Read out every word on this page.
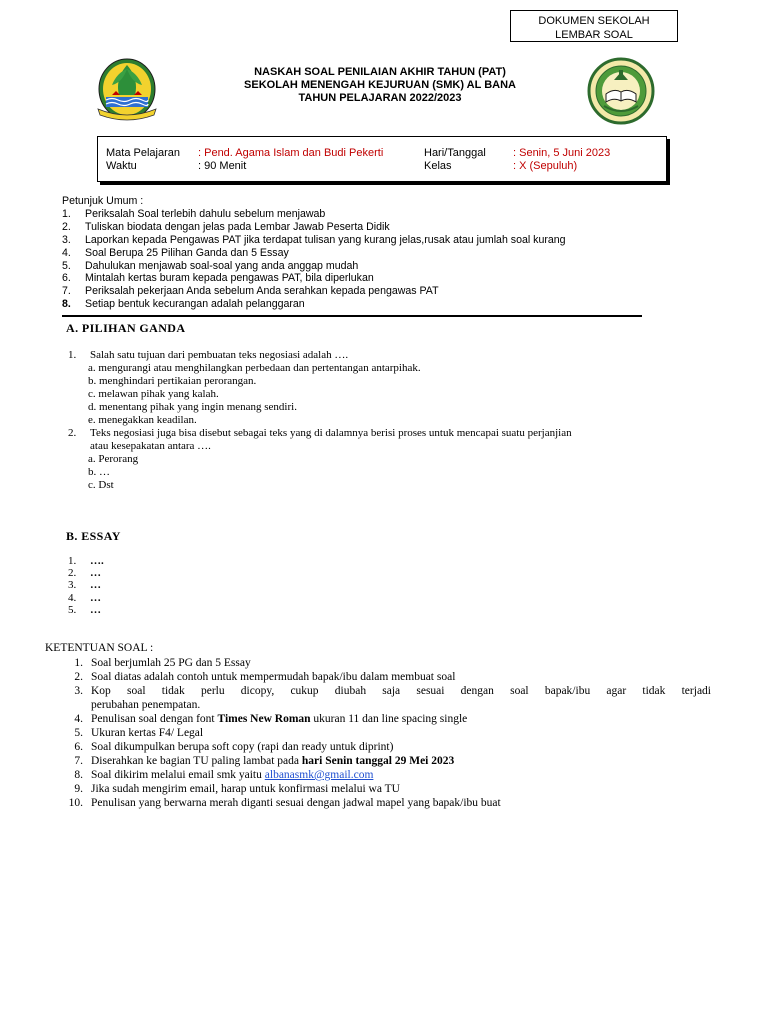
DOKUMEN SEKOLAH
LEMBAR SOAL
NASKAH SOAL PENILAIAN AKHIR TAHUN (PAT)
SEKOLAH MENENGAH KEJURUAN (SMK) AL BANA
TAHUN PELAJARAN 2022/2023
Mata Pelajaran : Pend. Agama Islam dan Budi Pekerti	Hari/Tanggal : Senin, 5 Juni 2023
Waktu	: 90 Menit	Kelas	: X (Sepuluh)
Petunjuk Umum :
1. Periksalah Soal terlebih dahulu sebelum menjawab
2. Tuliskan biodata dengan jelas pada Lembar Jawab Peserta Didik
3. Laporkan kepada Pengawas PAT jika terdapat tulisan yang kurang jelas,rusak atau jumlah soal kurang
4. Soal Berupa 25 Pilihan Ganda dan 5 Essay
5. Dahulukan menjawab soal-soal yang anda anggap mudah
6. Mintalah kertas buram kepada pengawas PAT, bila diperlukan
7. Periksalah pekerjaan Anda sebelum Anda serahkan kepada pengawas PAT
8. Setiap bentuk kecurangan adalah pelanggaran
A. PILIHAN GANDA
1. Salah satu tujuan dari pembuatan teks negosiasi adalah ….
a. mengurangi atau menghilangkan perbedaan dan pertentangan antarpihak.
b. menghindari pertikaian perorangan.
c. melawan pihak yang kalah.
d. menentang pihak yang ingin menang sendiri.
e. menegakkan keadilan.
2. Teks negosiasi juga bisa disebut sebagai teks yang di dalamnya berisi proses untuk mencapai suatu perjanjian
atau kesepakatan antara ….
a. Perorang
b. …
c. Dst
B. ESSAY
1. ….
2. …
3. …
4. …
5. …
KETENTUAN SOAL :
1. Soal berjumlah 25 PG dan 5 Essay
2. Soal diatas adalah contoh untuk mempermudah bapak/ibu dalam membuat soal
3. Kop soal tidak perlu dicopy, cukup diubah saja sesuai dengan soal bapak/ibu agar tidak terjadi
perubahan penempatan.
4. Penulisan soal dengan font Times New Roman ukuran 11 dan line spacing single
5. Ukuran kertas F4/ Legal
6. Soal dikumpulkan berupa soft copy (rapi dan ready untuk diprint)
7. Diserahkan ke bagian TU paling lambat pada hari Senin tanggal 29 Mei 2023
8. Soal dikirim melalui email smk yaitu albanasmk@gmail.com
9. Jika sudah mengirim email, harap untuk konfirmasi melalui wa TU
10. Penulisan yang berwarna merah diganti sesuai dengan jadwal mapel yang bapak/ibu buat
